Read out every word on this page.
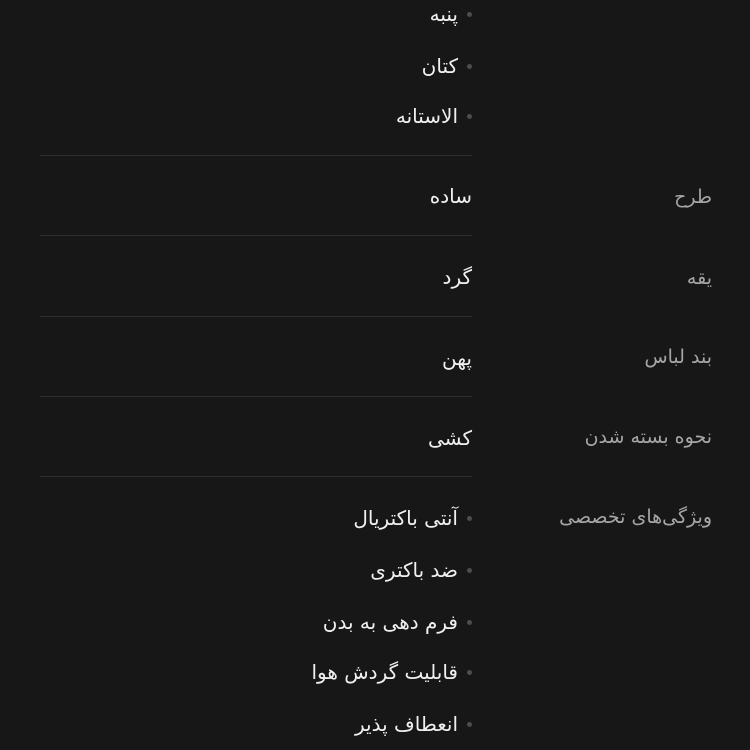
پنبه
کتان
الاستانه
طرح
ساده
یقه
گرد
بند لباس
پهن
نحوه بسته شدن
کشی
ویژگی‌های تخصصی
آنتی باکتریال
ضد باکتری
فرم دهی به بدن
قابلیت گردش هوا
انعطاف پذیر
